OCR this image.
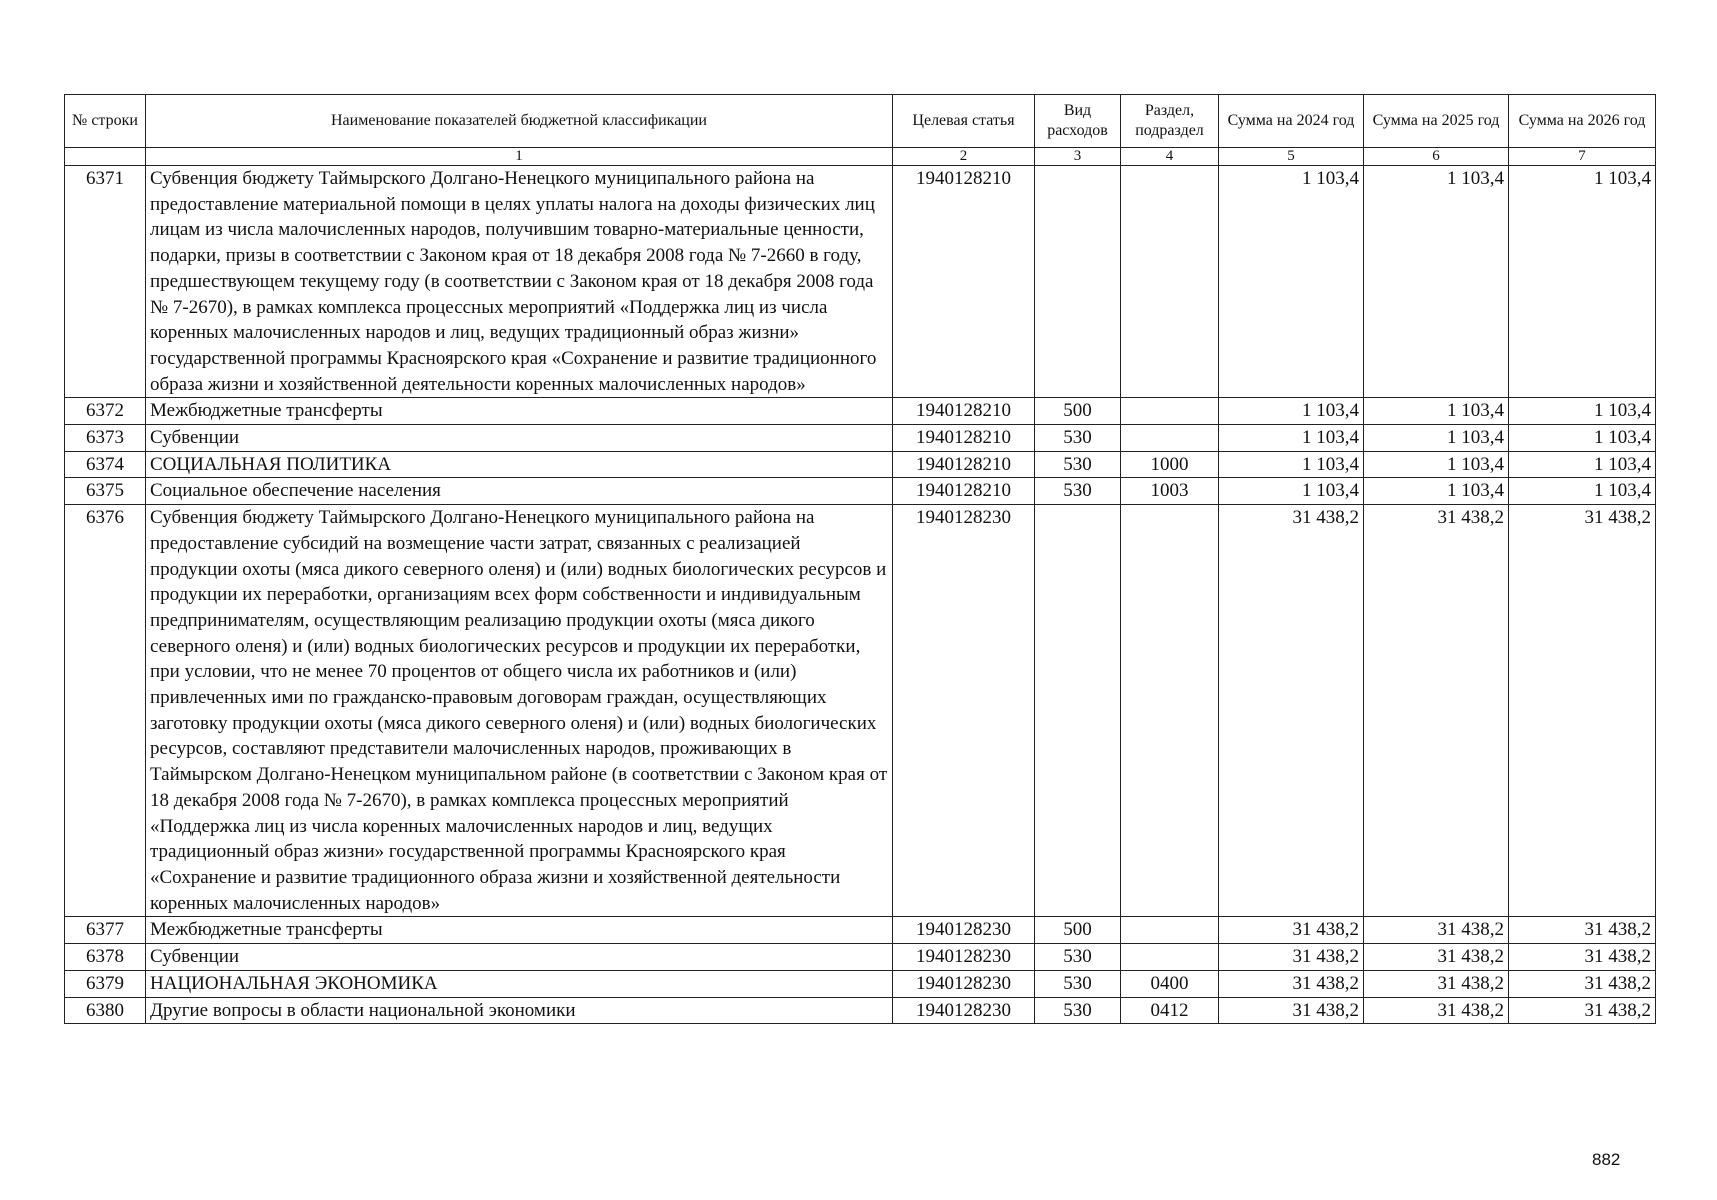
№ строки	Наименование показателей бюджетной классификации	Целевая статья	Вид расходов	Раздел, подраздел	Сумма на 2024 год	Сумма на 2025 год	Сумма на 2026 год
	1	2	3	4	5	6	7
6371	Субвенция бюджету Таймырского Долгано-Ненецкого муниципального района на предоставление материальной помощи в целях уплаты налога на доходы физических лиц лицам из числа малочисленных народов, получившим товарно-материальные ценности, подарки, призы в соответствии с Законом края от 18 декабря 2008 года № 7-2660 в году, предшествующем текущему году (в соответствии с Законом края от 18 декабря 2008 года № 7-2670), в рамках комплекса процессных мероприятий «Поддержка лиц из числа коренных малочисленных народов и лиц, ведущих традиционный образ жизни» государственной программы Красноярского края «Сохранение и развитие традиционного образа жизни и хозяйственной деятельности коренных малочисленных народов»	1940128210			1 103,4	1 103,4	1 103,4
6372	Межбюджетные трансферты	1940128210	500		1 103,4	1 103,4	1 103,4
6373	Субвенции	1940128210	530		1 103,4	1 103,4	1 103,4
6374	СОЦИАЛЬНАЯ ПОЛИТИКА	1940128210	530	1000	1 103,4	1 103,4	1 103,4
6375	Социальное обеспечение населения	1940128210	530	1003	1 103,4	1 103,4	1 103,4
6376	Субвенция бюджету Таймырского Долгано-Ненецкого муниципального района на предоставление субсидий на возмещение части затрат, связанных с реализацией продукции охоты (мяса дикого северного оленя) и (или) водных биологических ресурсов и продукции их переработки, организациям всех форм собственности и индивидуальным предпринимателям, осуществляющим реализацию продукции охоты (мяса дикого северного оленя) и (или) водных биологических ресурсов и продукции их переработки, при условии, что не менее 70 процентов от общего числа их работников и (или) привлеченных ими по гражданско-правовым договорам граждан, осуществляющих заготовку продукции охоты (мяса дикого северного оленя) и (или) водных биологических ресурсов, составляют представители малочисленных народов, проживающих в Таймырском Долгано-Ненецком муниципальном районе (в соответствии с Законом края от 18 декабря 2008 года № 7-2670), в рамках комплекса процессных мероприятий «Поддержка лиц из числа коренных малочисленных народов и лиц, ведущих традиционный образ жизни» государственной программы Красноярского края «Сохранение и развитие традиционного образа жизни и хозяйственной деятельности коренных малочисленных народов»	1940128230			31 438,2	31 438,2	31 438,2
6377	Межбюджетные трансферты	1940128230	500		31 438,2	31 438,2	31 438,2
6378	Субвенции	1940128230	530		31 438,2	31 438,2	31 438,2
6379	НАЦИОНАЛЬНАЯ ЭКОНОМИКА	1940128230	530	0400	31 438,2	31 438,2	31 438,2
6380	Другие вопросы в области национальной экономики	1940128230	530	0412	31 438,2	31 438,2	31 438,2
882
